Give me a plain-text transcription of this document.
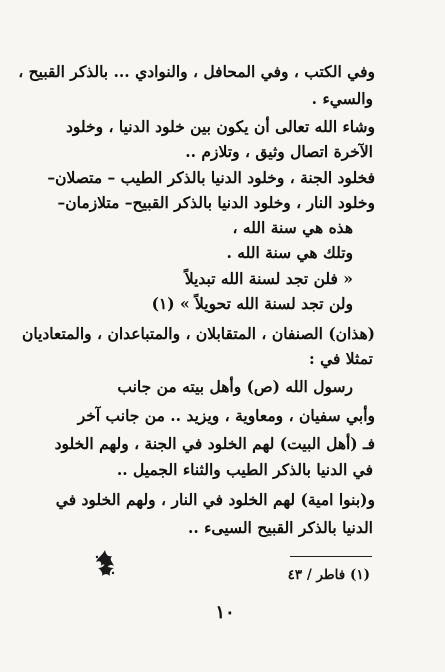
وفي الكتب ، وفي المحافل ، والنوادي ... بالذكر القبيح ،
والسيء .
وشاء الله تعالى أن يكون بين خلود الدنيا ، وخلود
الآخرة اتصال وثيق ، وتلازم ..
فخلود الجنة ، وخلود الدنيا بالذكر الطيب – متصلان–
وخلود النار ، وخلود الدنيا بالذكر القبيح– متلازمان–
هذه هي سنة الله ،
وتلك هي سنة الله .
« فلن تجد لسنة الله تبديلاً
ولن تجد لسنة الله تحويلاً » (١)
(هذان) الصنفان ، المتقابلان ، والمتباعدان ، والمتعاديان
تمثلا في :
رسول الله (ص) وأهل بيته من جانب
وأبي سفيان ، ومعاوية ، ويزيد .. من جانب آخر
فـ (أهل البيت) لهم الخلود في الجنة ، ولهم الخلود
في الدنيا بالذكر الطيب والثناء الجميل ..
و(بنوا امية) لهم الخلود في النار ، ولهم الخلود في
الدنيا بالذكر القبيح السيىء ..
(١) فاطر / ٤٣
١٠
